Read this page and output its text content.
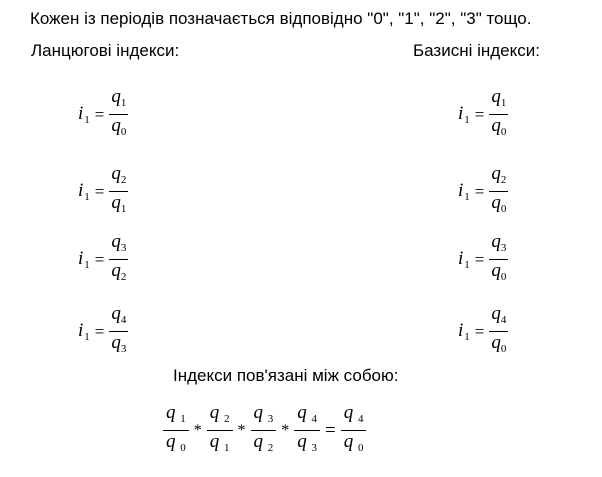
Кожен із періодів позначається відповідно "0", "1", "2", "3" тощо.
Ланцюгові індекси:	Базисні індекси:
$i_1 = \frac{q_1}{q_0}$
$i_1 = \frac{q_2}{q_1}$
$i_1 = \frac{q_3}{q_2}$
$i_1 = \frac{q_4}{q_3}$
$i_1 = \frac{q_1}{q_0}$
$i_1 = \frac{q_2}{q_0}$
$i_1 = \frac{q_3}{q_0}$
$i_1 = \frac{q_4}{q_0}$
Індекси пов'язані між собою:
$\frac{q _1}{q _0} * \frac{q _2}{q _1} * \frac{q _3}{q _2} * \frac{q _4}{q _3} = \frac{q _4}{q _0}$
